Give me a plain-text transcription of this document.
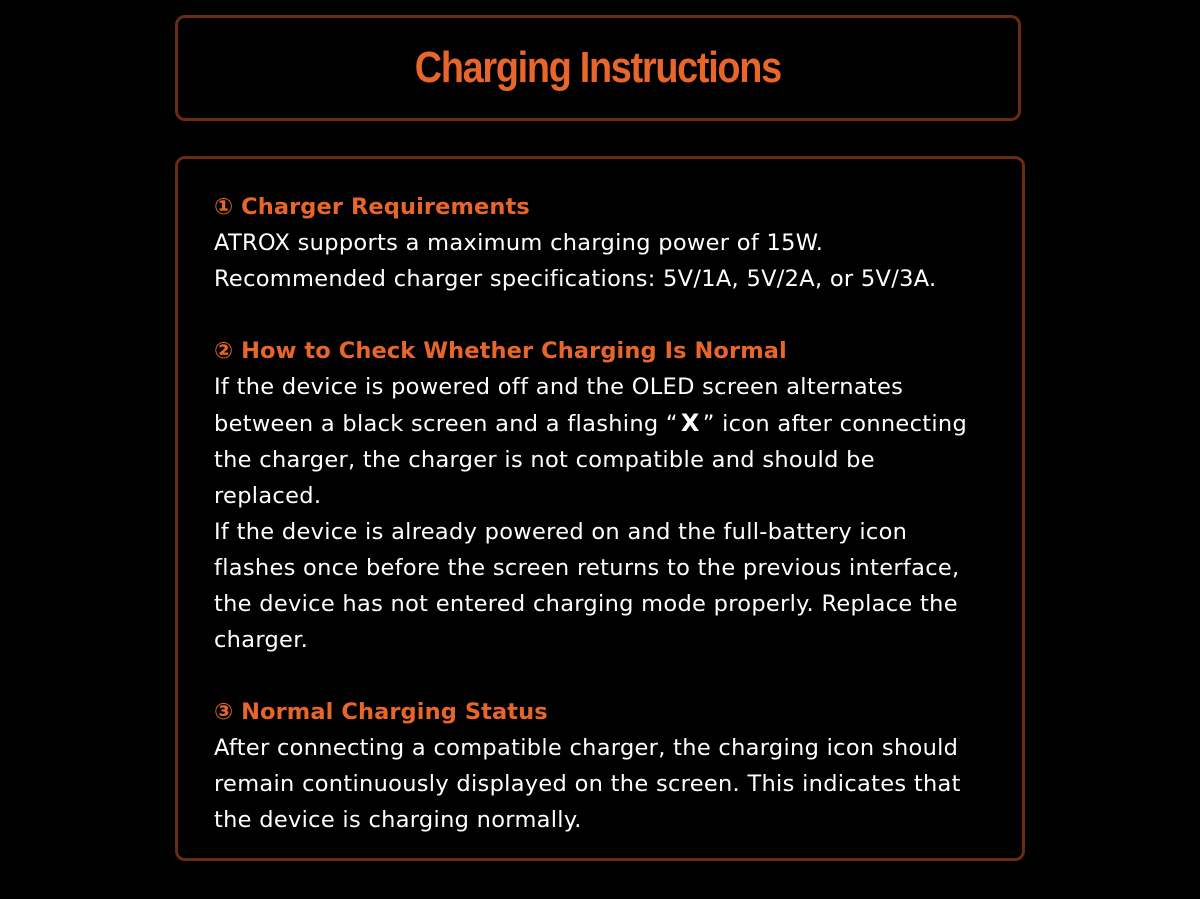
Charging Instructions
① Charger Requirements
ATROX supports a maximum charging power of 15W.
Recommended charger specifications: 5V/1A, 5V/2A, or 5V/3A.
② How to Check Whether Charging Is Normal
If the device is powered off and the OLED screen alternates
between a black screen and a flashing “ X ” icon after connecting
the charger, the charger is not compatible and should be
replaced.
If the device is already powered on and the full-battery icon
flashes once before the screen returns to the previous interface,
the device has not entered charging mode properly. Replace the
charger.
③ Normal Charging Status
After connecting a compatible charger, the charging icon should
remain continuously displayed on the screen. This indicates that
the device is charging normally.
